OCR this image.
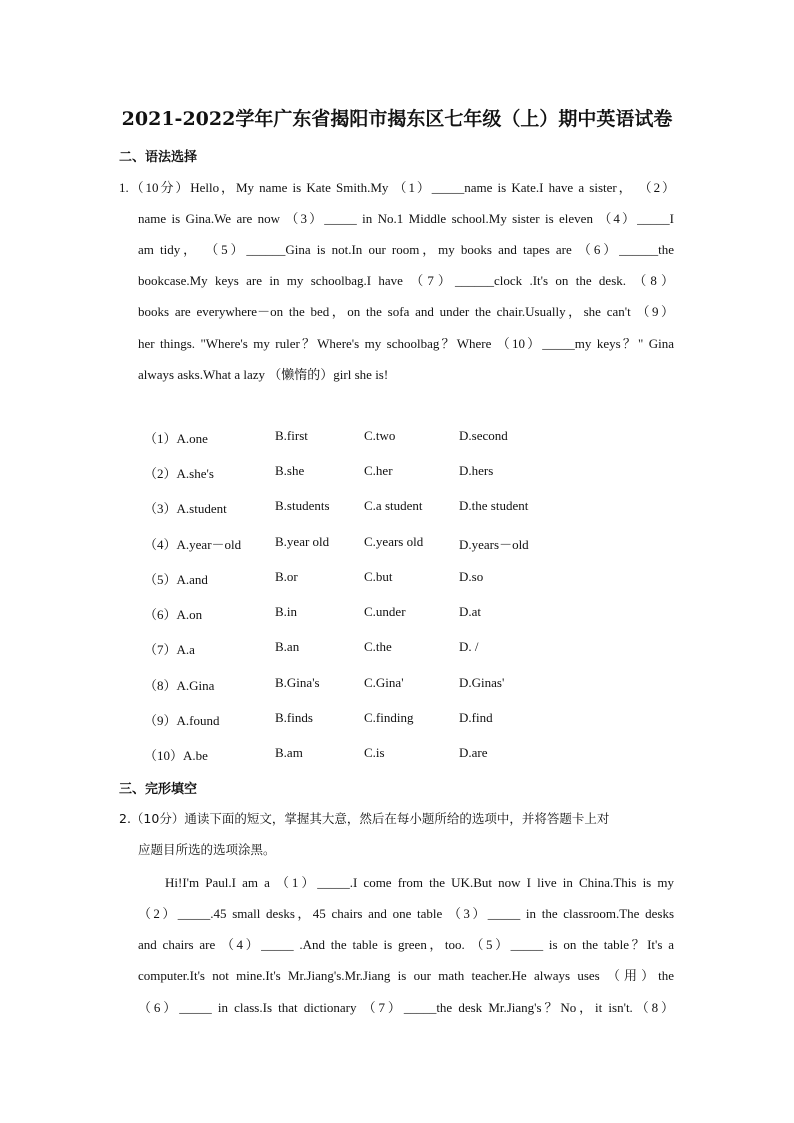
2021-2022学年广东省揭阳市揭东区七年级（上）期中英语试卷
二、语法选择
1.（10分）Hello，My name is Kate Smith.My （1）_____name is Kate.I have a sister， （2）
name is Gina.We are now （3）_____ in No.1 Middle school.My sister is eleven （4）_____I
am tidy， （5）______Gina is not.In our room，my books and tapes are （6）______the
bookcase.My keys are in my schoolbag.I have （7）______clock .It's on the desk. （8）
books are everywhere－on the bed，on the sofa and under the chair.Usually，she can't （9）
her things. "Where's my ruler？Where's my schoolbag？Where （10）_____my keys？" Gina
always asks.What a lazy （懒惰的）girl she is!
（1）A.one	B.first	C.two	D.second
（2）A.she's	B.she	C.her	D.hers
（3）A.student	B.students	C.a student	D.the student
（4）A.year－old	B.year old	C.years old	D.years－old
（5）A.and	B.or	C.but	D.so
（6）A.on	B.in	C.under	D.at
（7）A.a	B.an	C.the	D. /
（8）A.Gina	B.Gina's	C.Gina'	D.Ginas'
（9）A.found	B.finds	C.finding	D.find
（10）A.be	B.am	C.is	D.are
三、完形填空
2.（10分）通读下面的短文，掌握其大意，然后在每小题所给的选项中，并将答题卡上对
应题目所选的选项涂黑。
Hi!I'm Paul.I am a （1）_____.I come from the UK.But now I live in China.This is my
（2）_____.45 small desks，45 chairs and one table （3）_____ in the classroom.The desks
and chairs are （4）_____ .And the table is green，too. （5）_____ is on the table？It's a
computer.It's not mine.It's Mr.Jiang's.Mr.Jiang is our math teacher.He always uses （用）the
（6）_____ in class.Is that dictionary （7）_____the desk Mr.Jiang's？No，it isn't.（8）
